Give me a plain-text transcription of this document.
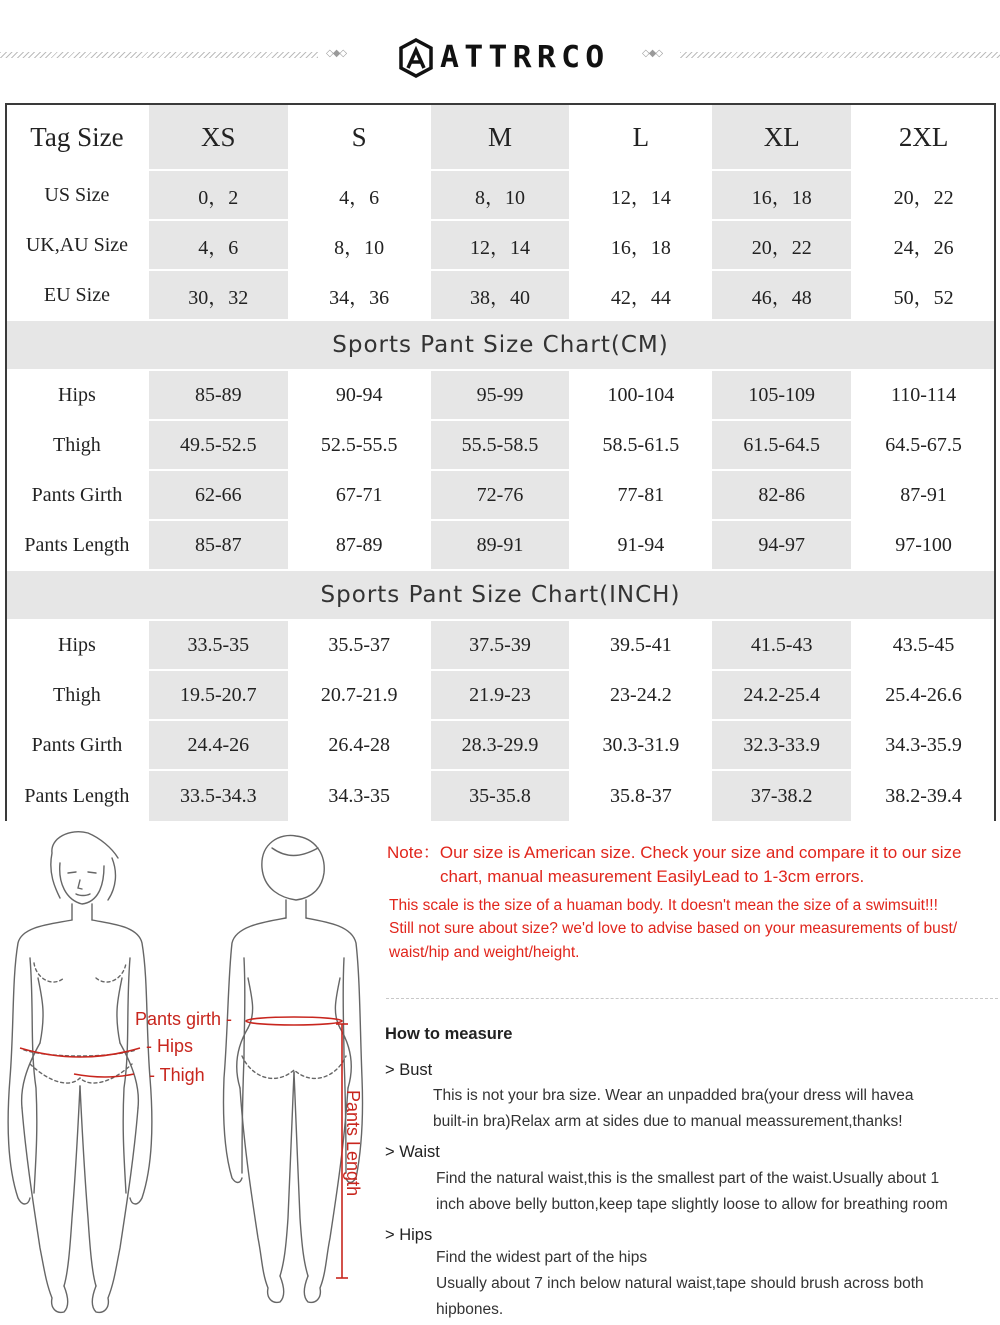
◇◆◇	◇◆◇
ATTRRCO
Tag Size	XS	S	M	L	XL	2XL
US Size	0，2	4，6	8，10	12，14	16，18	20，22
UK,AU Size	4，6	8，10	12，14	16，18	20，22	24，26
EU Size	30，32	34，36	38，40	42，44	46，48	50，52
Sports Pant Size Chart(CM)
Hips	85-89	90-94	95-99	100-104	105-109	110-114
Thigh	49.5-52.5	52.5-55.5	55.5-58.5	58.5-61.5	61.5-64.5	64.5-67.5
Pants Girth	62-66	67-71	72-76	77-81	82-86	87-91
Pants Length	85-87	87-89	89-91	91-94	94-97	97-100
Sports Pant Size Chart(INCH)
Hips	33.5-35	35.5-37	37.5-39	39.5-41	41.5-43	43.5-45
Thigh	19.5-20.7	20.7-21.9	21.9-23	23-24.2	24.2-25.4	25.4-26.6
Pants Girth	24.4-26	26.4-28	28.3-29.9	30.3-31.9	32.3-33.9	34.3-35.9
Pants Length	33.5-34.3	34.3-35	35-35.8	35.8-37	37-38.2	38.2-39.4
Pants girth -
- Hips
- Thigh
Pants Length
Note：Our size is American size. Check your size and compare it to our size
chart, manual measurement EasilyLead to 1-3cm errors.
This scale is the size of a huaman body. It doesn't mean the size of a swimsuit!!!
Still not sure about size? we'd love to advise based on your measurements of bust/
waist/hip and weight/height.
How to measure
> Bust
This is not your bra size. Wear an unpadded bra(your dress will havea
built-in bra)Relax arm at sides due to manual meassurement,thanks!
> Waist
Find the natural waist,this is the smallest part of the waist.Usually about 1
inch above belly button,keep tape slightly loose to allow for breathing room
> Hips
Find the widest part of the hips
Usually about 7 inch below natural waist,tape should brush across both
hipbones.
